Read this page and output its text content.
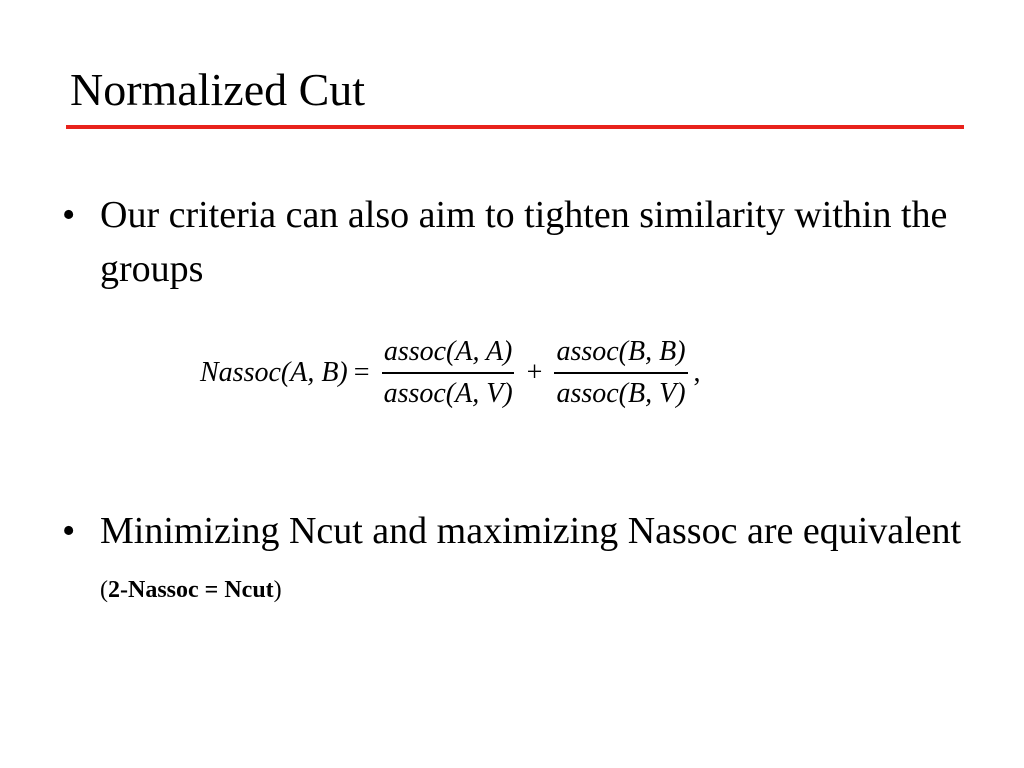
Normalized Cut
• Our criteria can also aim to tighten similarity within the groups
Nassoc(A, $B) = \frac{\text{assoc(A, A)}}{\text{assoc(A, V)}} + \frac{\text{assoc(B, B)}}{\text{assoc(B, V)}}$ ,
• Minimizing Ncut and maximizing Nassoc are equivalent (2-Nassoc = Ncut)
